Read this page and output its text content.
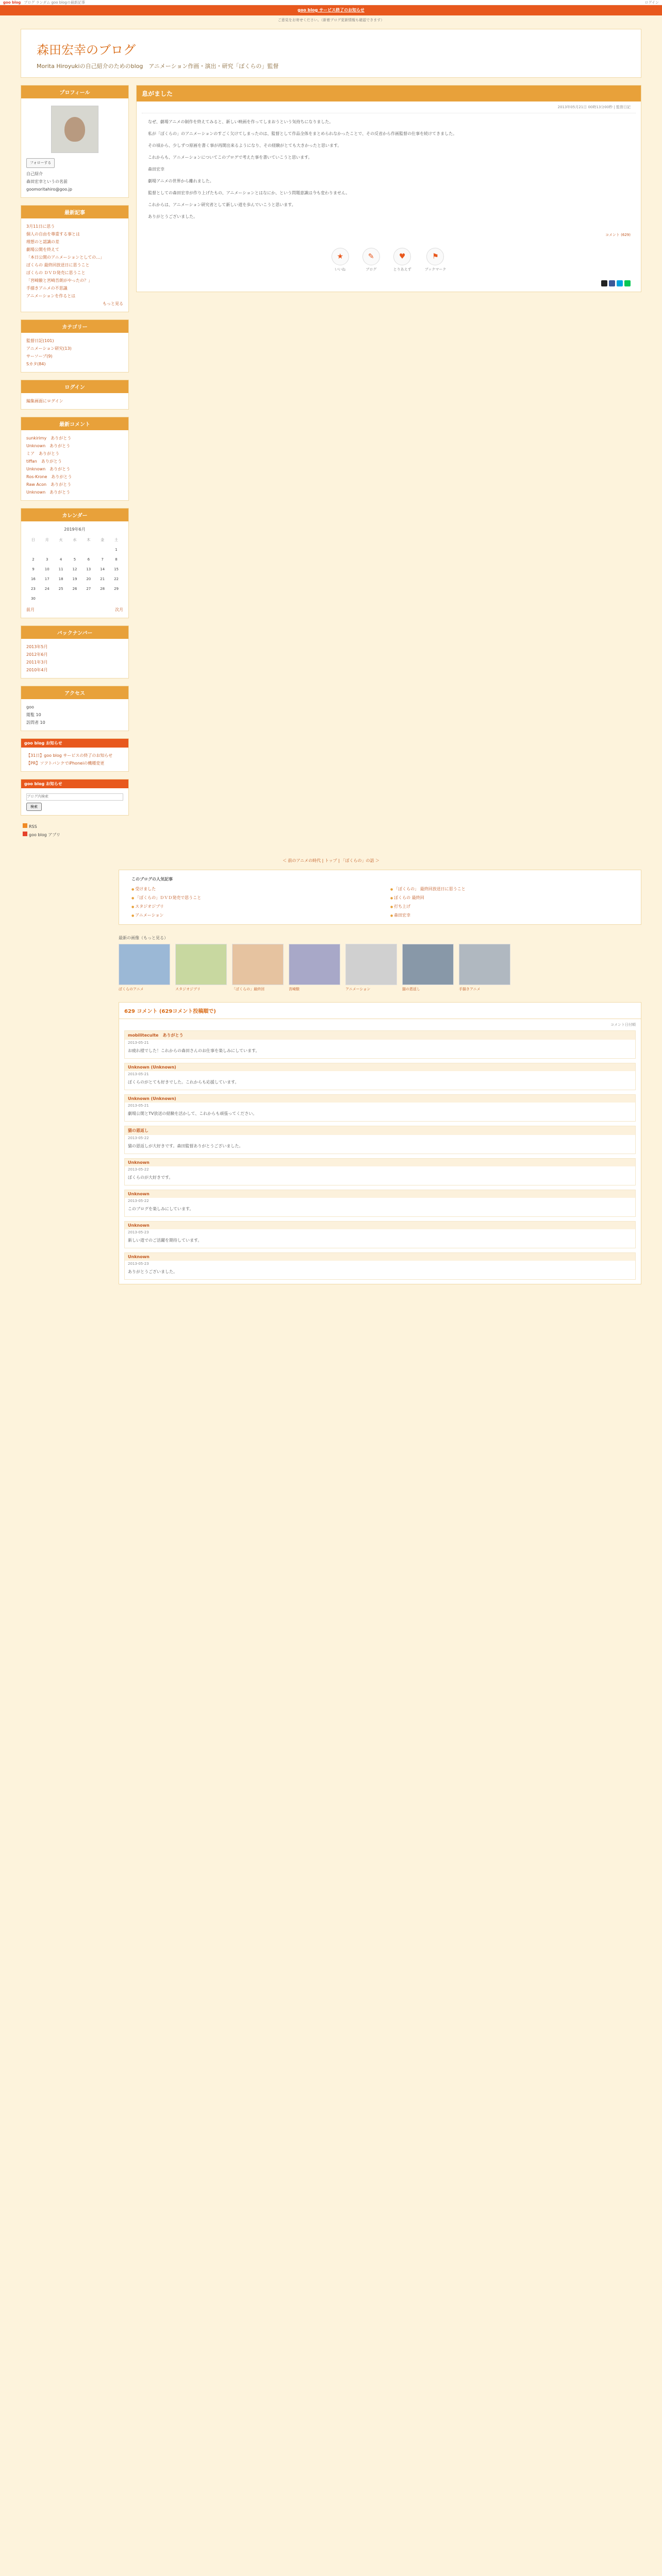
goo blog ブログ ランダム goo blogの最新記事	ログイン
goo blog サービス終了のお知らせ
ご意見をお寄せください。（新着ブログ更新情報も確認できます）
森田宏幸のブログ
Morita Hiroyukiの自己紹介のためのblog　アニメーション作画・演出・研究「ぼくらの」監督
プロフィール
フォローする
自己紹介
森田宏幸というの名前
goomoritahiro@goo.jp
最新記事
3月11日に思う
個人の自由を尊重する事とは
理想のと認識の差
劇場公開を終えて
「本日公開のアニメーションとしての...」
ぼくらの 最終回放送日に思うこと
ぼくらの ＤＶＤ発売に思うこと
「宮崎駿と宮崎吾朗がやったの？」
手描きアニメの不思議
アニメーションを作るとは
もっと見る
カテゴリー
監督日記(101)
アニメーション研究(13)
サーソーブ(9)
Sカタ(84)
ログイン
編集画面にログイン
最新コメント
sunkirimy　ありがとう
Unknown　ありがとう
ミア　ありがとう
tiffan　ありがとう
Unknown　ありがとう
Ros-Krone　ありがとう
Raw Acon　ありがとう
Unknown　ありがとう
カレンダー
2019年6月
日	月	火	水	木	金	土
						1
2	3	4	5	6	7	8
9	10	11	12	13	14	15
16	17	18	19	20	21	22
23	24	25	26	27	28	29
30						
前月	次月
バックナンバー
2013年5月
2012年6月
2011年3月
2010年4月
アクセス
goo
閲覧 10
訪問者 10
goo blog お知らせ
【31日】goo blog サービスの終了のお知らせ
【PR】ソフトバンクでiPhoneiの機種変更
goo blog お知らせ
ブログ内検索 検索
RSS
goo blog アプリ
息がました
2013年05月21日 00時13分00秒 | 監督日記

なぜ、劇場アニメの制作を終えてみると、新しい映画を作ってしまおうという気持ちになりました。

私が「ぼくらの」のアニメーションのすごく欠けてしまったのは、監督として作品全体をまとめられなかったことで、その反省から作画監督の仕事を続けてきました。

その頃から、少しずつ原画を書く事が再開出来るようになり、その経験がとても大きかったと思います。

これからも、アニメーションについてこのブログで考えた事を書いていこうと思います。

森田宏幸

劇場アニメの世界から離れました。

監督としての森田宏幸が作り上げたもの、アニメーションとはなにか、という問題意識は今も変わりません。

これからは、アニメーション研究者として新しい道を歩んでいこうと思います。

ありがとうございました。

コメント (629)
★
いいね
✎
ブログ
♥
とりあえず
⚑
ブックマーク
＜ 前のアニメの時代 | トップ | 「ぼくらの」の話 ＞
このブログの人気記事
● 受けました	● 「ぼくらの」 最終回放送日に思うこと
● 「ぼくらの」ＤＶＤ発売で思うこと	● ぼくらの 最終回
● スタジオジブリ	● 打ち上げ
● アニメーション	● 森田宏幸
最新の画像（もっと見る）
ぼくらのアニメ	スタジオジブリ	「ぼくらの」最終回	宮崎駿	アニメーション	猫の恩返し	手描きアニメ
629 コメント (629コメント投稿順で)
コメント日付順
mobiliteculte　ありがとう
2013-05-21
お疲れ様でした！これからの森田さんのお仕事を楽しみにしています。
Unknown (Unknown)
2013-05-21
ぼくらのがとても好きでした。これからも応援しています。
Unknown (Unknown)
2013-05-21
劇場公開とTV放送の経験を活かして、これからも頑張ってください。
猫の恩返し
2013-05-22
猫の恩返しが大好きです。森田監督ありがとうございました。
Unknown
2013-05-22
ぼくらのが大好きです。
Unknown
2013-05-22
このブログを楽しみにしています。
Unknown
2013-05-23
新しい道でのご活躍を期待しています。
Unknown
2013-05-23
ありがとうございました。
